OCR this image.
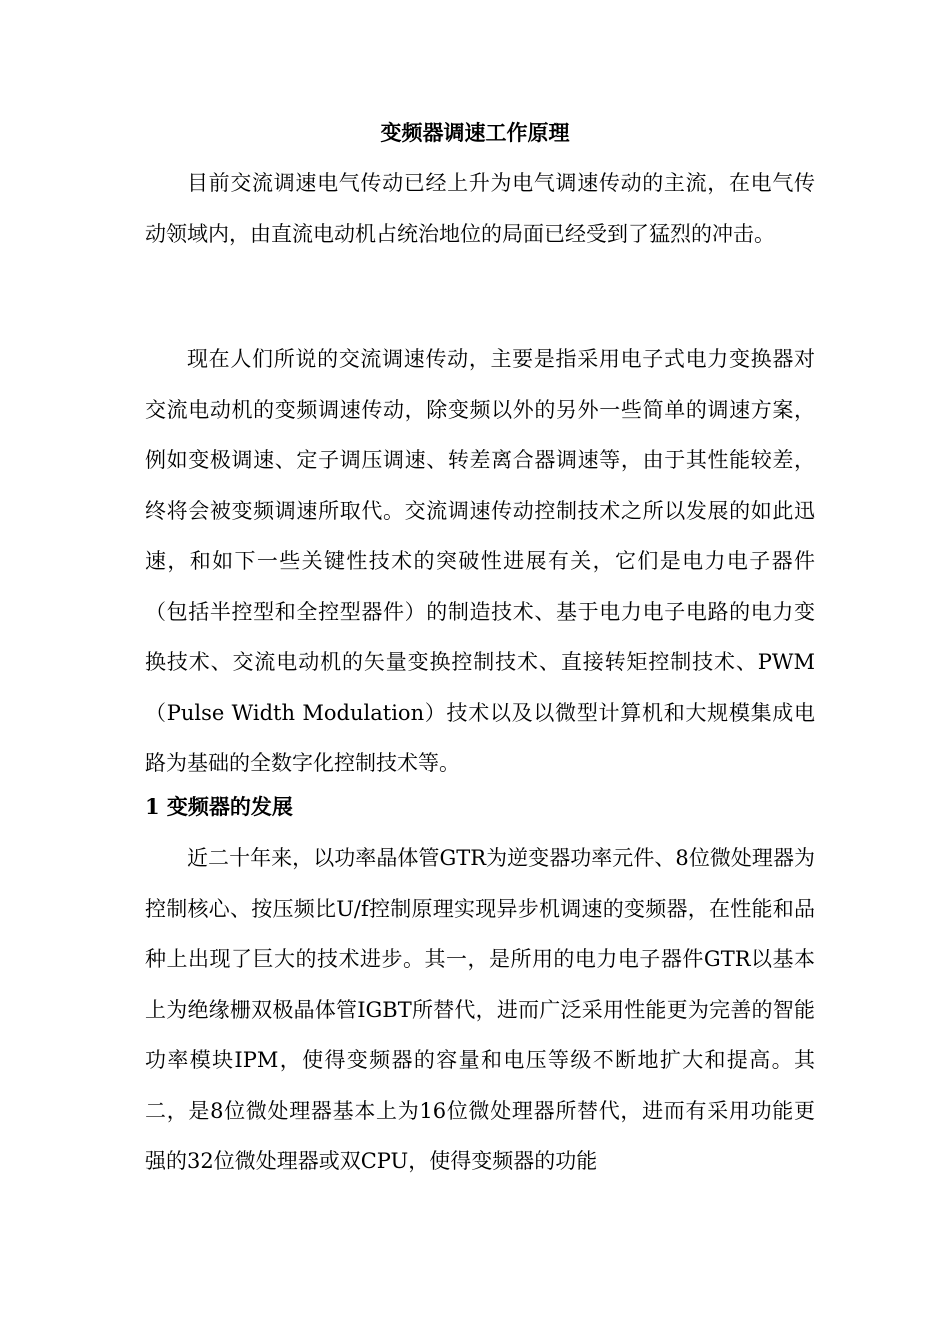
变频器调速工作原理

目前交流调速电气传动已经上升为电气调速传动的主流，在电气传动领域内，由直流电动机占统治地位的局面已经受到了猛烈的冲击。

现在人们所说的交流调速传动，主要是指采用电子式电力变换器对交流电动机的变频调速传动，除变频以外的另外一些简单的调速方案，例如变极调速、定子调压调速、转差离合器调速等，由于其性能较差，终将会被变频调速所取代。交流调速传动控制技术之所以发展的如此迅速，和如下一些关键性技术的突破性进展有关，它们是电力电子器件（包括半控型和全控型器件）的制造技术、基于电力电子电路的电力变换技术、交流电动机的矢量变换控制技术、直接转矩控制技术、PWM（Pulse Width Modulation）技术以及以微型计算机和大规模集成电路为基础的全数字化控制技术等。

1 变频器的发展

近二十年来，以功率晶体管GTR为逆变器功率元件、8位微处理器为控制核心、按压频比U/f控制原理实现异步机调速的变频器，在性能和品种上出现了巨大的技术进步。其一，是所用的电力电子器件GTR以基本上为绝缘栅双极晶体管IGBT所替代，进而广泛采用性能更为完善的智能功率模块IPM，使得变频器的容量和电压等级不断地扩大和提高。其二，是8位微处理器基本上为16位微处理器所替代，进而有采用功能更强的32位微处理器或双CPU，使得变频器的功能
